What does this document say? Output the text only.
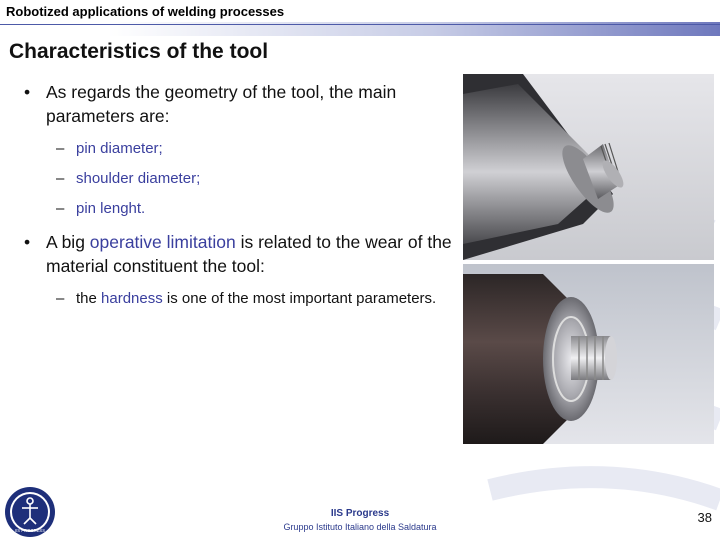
Robotized applications of welding processes
Characteristics of the tool
• As regards the geometry of the tool, the main parameters are:
– pin diameter;
– shoulder diameter;
– pin lenght.
• A big operative limitation is related to the wear of the material constituent the tool:
– the hardness is one of the most important parameters.
IIS PROGRESS
IIS Progress
Gruppo Istituto Italiano della Saldatura
38
